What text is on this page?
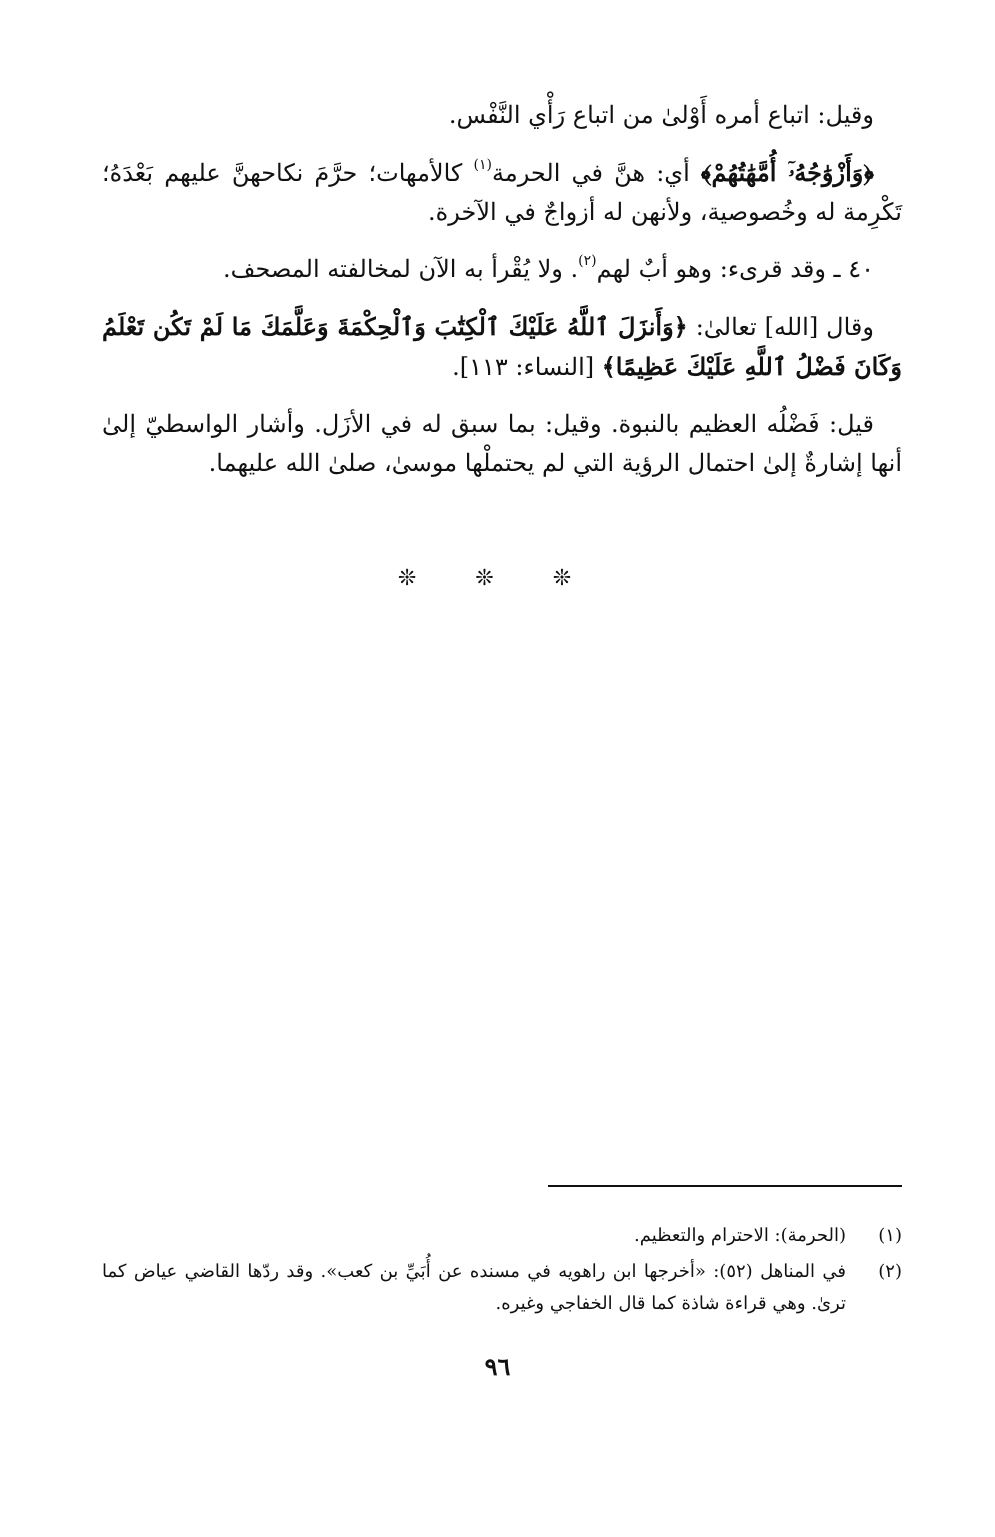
وقيل: اتباع أمره أَوْلىٰ من اتباع رَأْي النَّفْس.

﴿وَأَزْوَٰجُهُۥٓ أُمَّهَٰتُهُمْ﴾ أي: هنَّ في الحرمة$^{(١)}$ كالأمهات؛ حرَّمَ نكاحهنَّ عليهم بَعْدَهُ؛ تَكْرِمة له وخُصوصية، ولأنهن له أزواجٌ في الآخرة.

٤٠ ـ وقد قرىء: وهو أبٌ لهم$^{(٢)}$. ولا يُقْرأ به الآن لمخالفته المصحف.

وقال [الله] تعالىٰ: ﴿وَأَنزَلَ ٱللَّهُ عَلَيْكَ ٱلْكِتَٰبَ وَٱلْحِكْمَةَ وَعَلَّمَكَ مَا لَمْ تَكُن تَعْلَمُ وَكَانَ فَضْلُ ٱللَّهِ عَلَيْكَ عَظِيمًا﴾ [النساء: ١١٣].

قيل: فَضْلُه العظيم بالنبوة. وقيل: بما سبق له في الأزَل. وأشار الواسطيّ إلىٰ أنها إشارةٌ إلىٰ احتمال الرؤية التي لم يحتملْها موسىٰ، صلىٰ الله عليهما.

❊ ❊ ❊
(١)
(الحرمة): الاحترام والتعظيم.
(٢)
في المناهل (٥٢): «أخرجها ابن راهويه في مسنده عن أُبَيِّ بن كعب». وقد ردّها القاضي عياض كما ترىٰ. وهي قراءة شاذة كما قال الخفاجي وغيره.
٩٦
